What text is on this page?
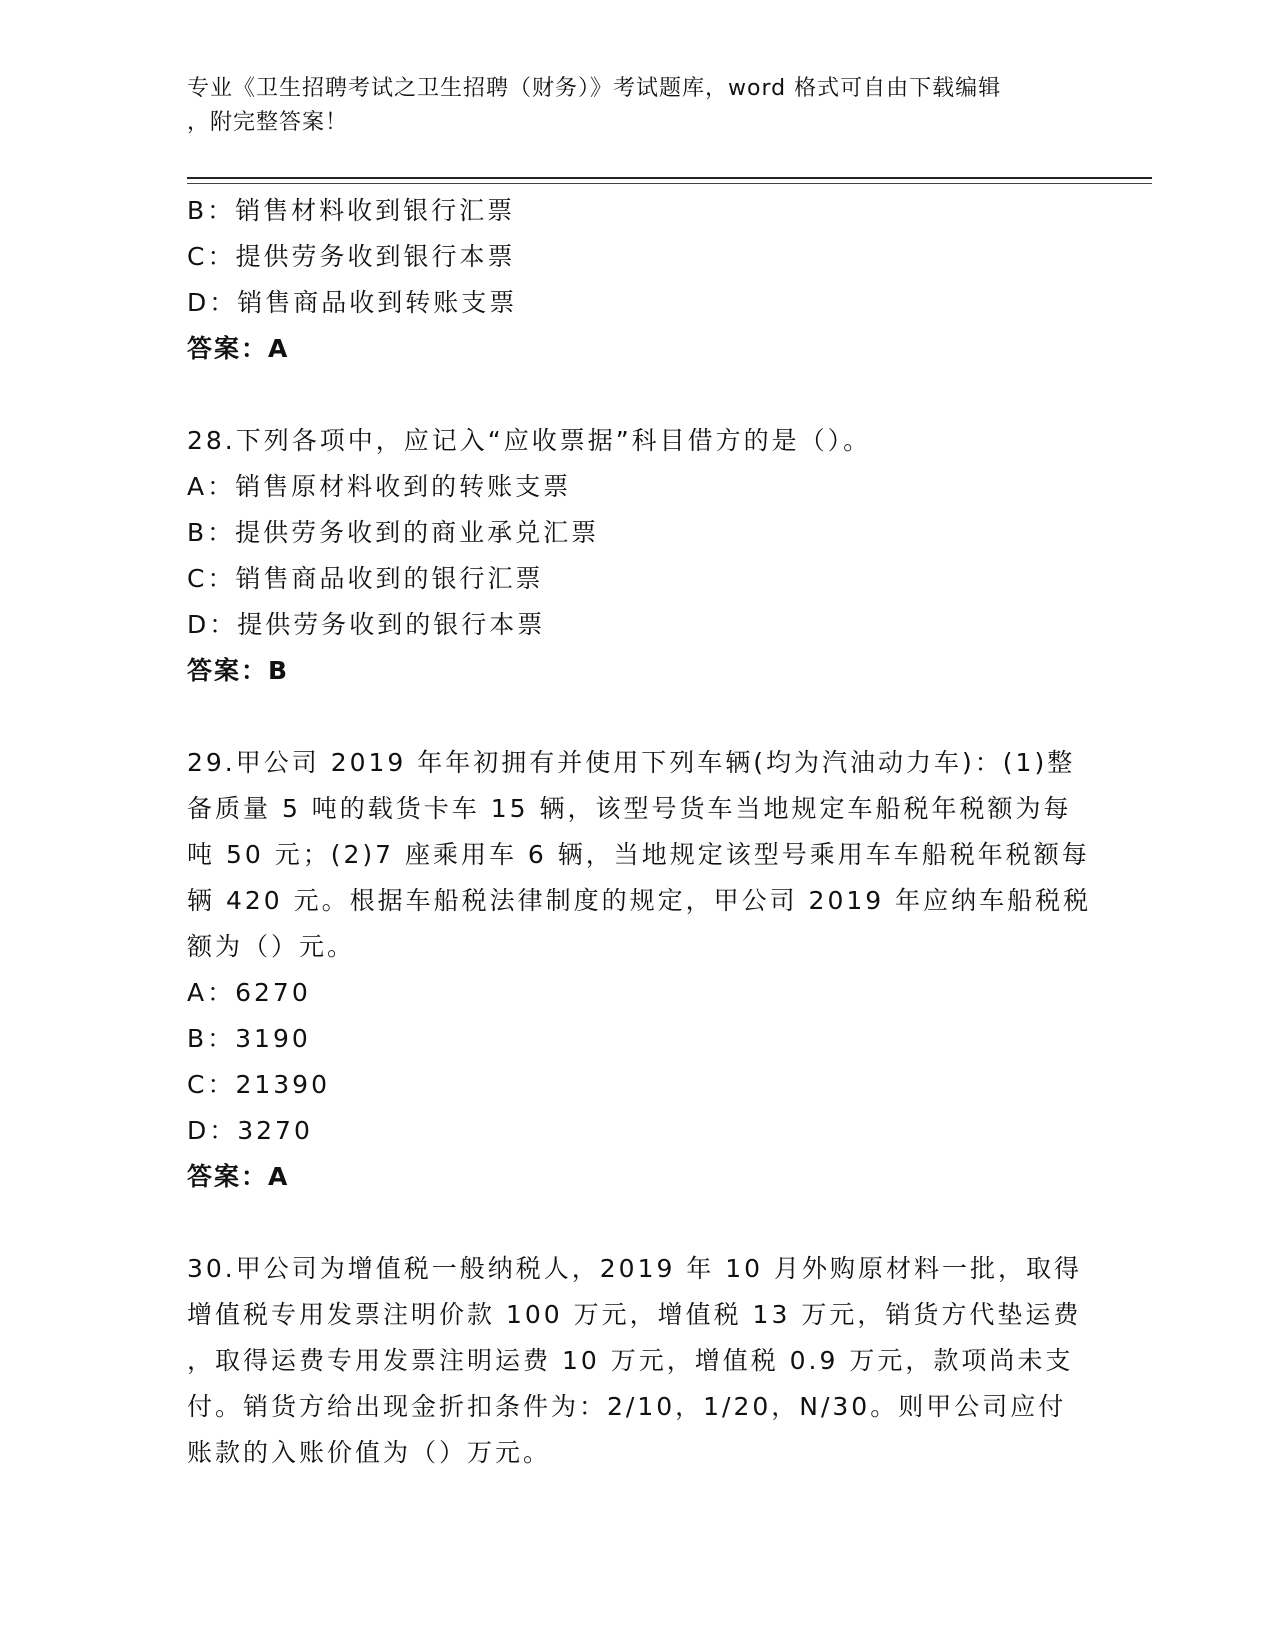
专业《卫生招聘考试之卫生招聘（财务）》考试题库，word 格式可自由下载编辑
，附完整答案！
B：销售材料收到银行汇票
C：提供劳务收到银行本票
D：销售商品收到转账支票
答案：A
28.下列各项中，应记入“应收票据”科目借方的是（）。
A：销售原材料收到的转账支票
B：提供劳务收到的商业承兑汇票
C：销售商品收到的银行汇票
D：提供劳务收到的银行本票
答案：B
29.甲公司 2019 年年初拥有并使用下列车辆(均为汽油动力车)：(1)整
备质量 5 吨的载货卡车 15 辆，该型号货车当地规定车船税年税额为每
吨 50 元；(2)7 座乘用车 6 辆，当地规定该型号乘用车车船税年税额每
辆 420 元。根据车船税法律制度的规定，甲公司 2019 年应纳车船税税
额为（）元。
A：6270
B：3190
C：21390
D：3270
答案：A
30.甲公司为增值税一般纳税人，2019 年 10 月外购原材料一批，取得
增值税专用发票注明价款 100 万元，增值税 13 万元，销货方代垫运费
，取得运费专用发票注明运费 10 万元，增值税 0.9 万元，款项尚未支
付。销货方给出现金折扣条件为：2/10，1/20，N/30。则甲公司应付
账款的入账价值为（）万元。
